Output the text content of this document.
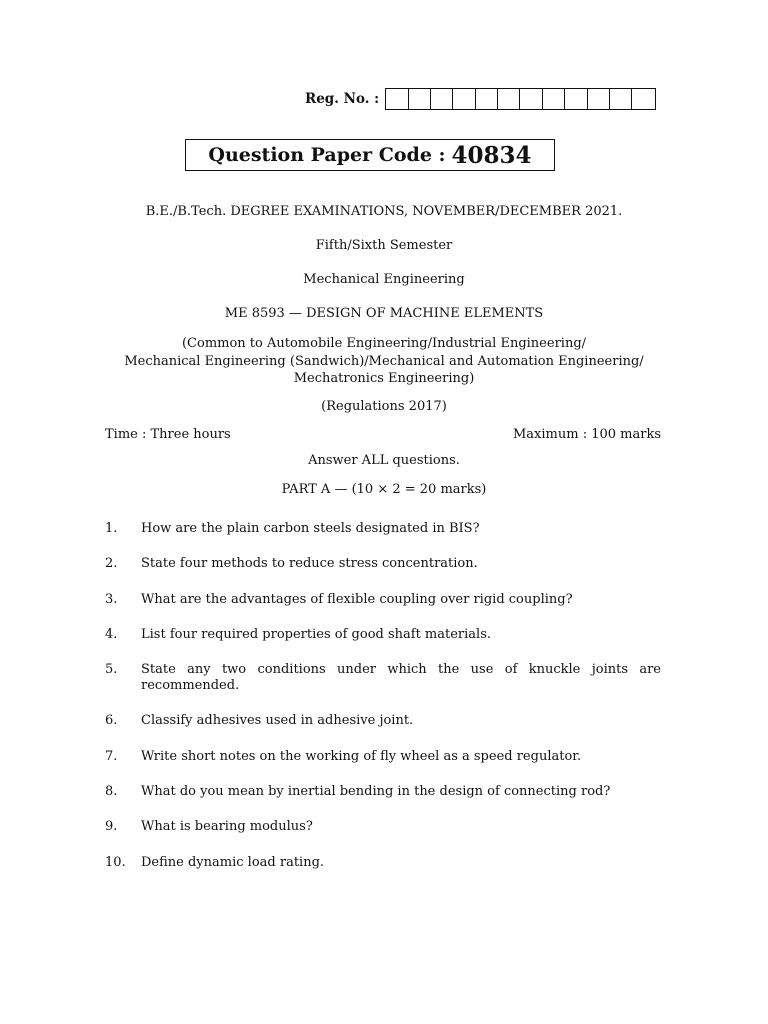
Reg. No. :
Question Paper Code : 40834
B.E./B.Tech. DEGREE EXAMINATIONS, NOVEMBER/DECEMBER 2021.
Fifth/Sixth Semester
Mechanical Engineering
ME 8593 — DESIGN OF MACHINE ELEMENTS
(Common to Automobile Engineering/Industrial Engineering/
Mechanical Engineering (Sandwich)/Mechanical and Automation Engineering/
Mechatronics Engineering)
(Regulations 2017)
Time : Three hours	Maximum : 100 marks
Answer ALL questions.
PART A — (10 × 2 = 20 marks)
1.	How are the plain carbon steels designated in BIS?
2.	State four methods to reduce stress concentration.
3.	What are the advantages of flexible coupling over rigid coupling?
4.	List four required properties of good shaft materials.
5.	State any two conditions under which the use of knuckle joints are recommended.
6.	Classify adhesives used in adhesive joint.
7.	Write short notes on the working of fly wheel as a speed regulator.
8.	What do you mean by inertial bending in the design of connecting rod?
9.	What is bearing modulus?
10.	Define dynamic load rating.
